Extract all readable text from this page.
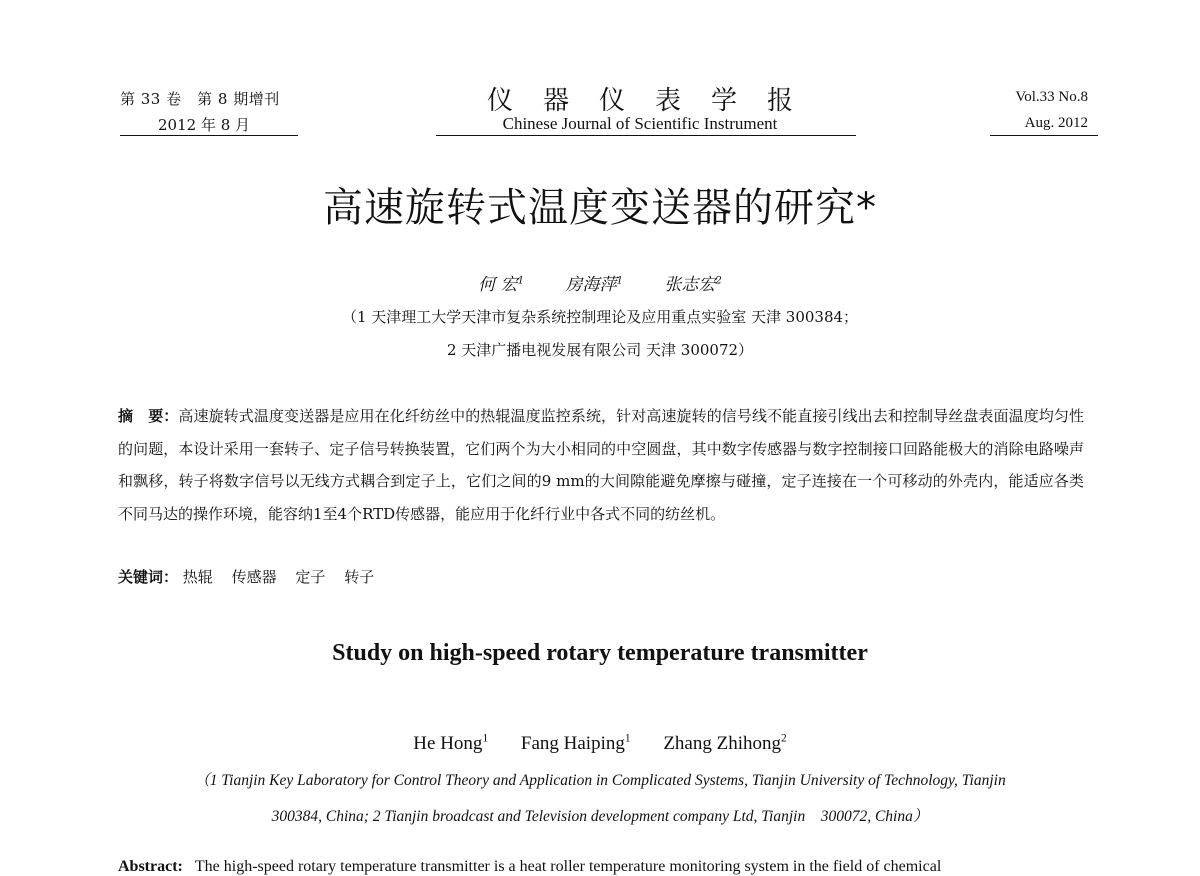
第 33 卷　第 8 期增刊
2012 年 8 月
仪器仪表学报
Chinese Journal of Scientific Instrument
Vol.33 No.8
Aug. 2012
高速旋转式温度变送器的研究*
何 宏$^1$ 房海萍$^1$ 张志宏$^2$
（1 天津理工大学天津市复杂系统控制理论及应用重点实验室 天津 300384；
2 天津广播电视发展有限公司 天津 300072）
摘　要：高速旋转式温度变送器是应用在化纤纺丝中的热辊温度监控系统，针对高速旋转的信号线不能直接引线出去和控制导丝盘表面温度均匀性的问题，本设计采用一套转子、定子信号转换装置，它们两个为大小相同的中空圆盘，其中数字传感器与数字控制接口回路能极大的消除电路噪声和飘移，转子将数字信号以无线方式耦合到定子上，它们之间的9 mm的大间隙能避免摩擦与碰撞，定子连接在一个可移动的外壳内，能适应各类不同马达的操作环境，能容纳1至4个RTD传感器，能应用于化纤行业中各式不同的纺丝机。
关键词： 热辊 传感器 定子 转子
Study on high-speed rotary temperature transmitter
He Hong$^1$ Fang Haiping$^1$ Zhang Zhihong$^2$
（1 Tianjin Key Laboratory for Control Theory and Application in Complicated Systems, Tianjin University of Technology, Tianjin
300384, China; 2 Tianjin broadcast and Television development company Ltd, Tianjin　300072, China）
Abstract: The high-speed rotary temperature transmitter is a heat roller temperature monitoring system in the field of chemical
